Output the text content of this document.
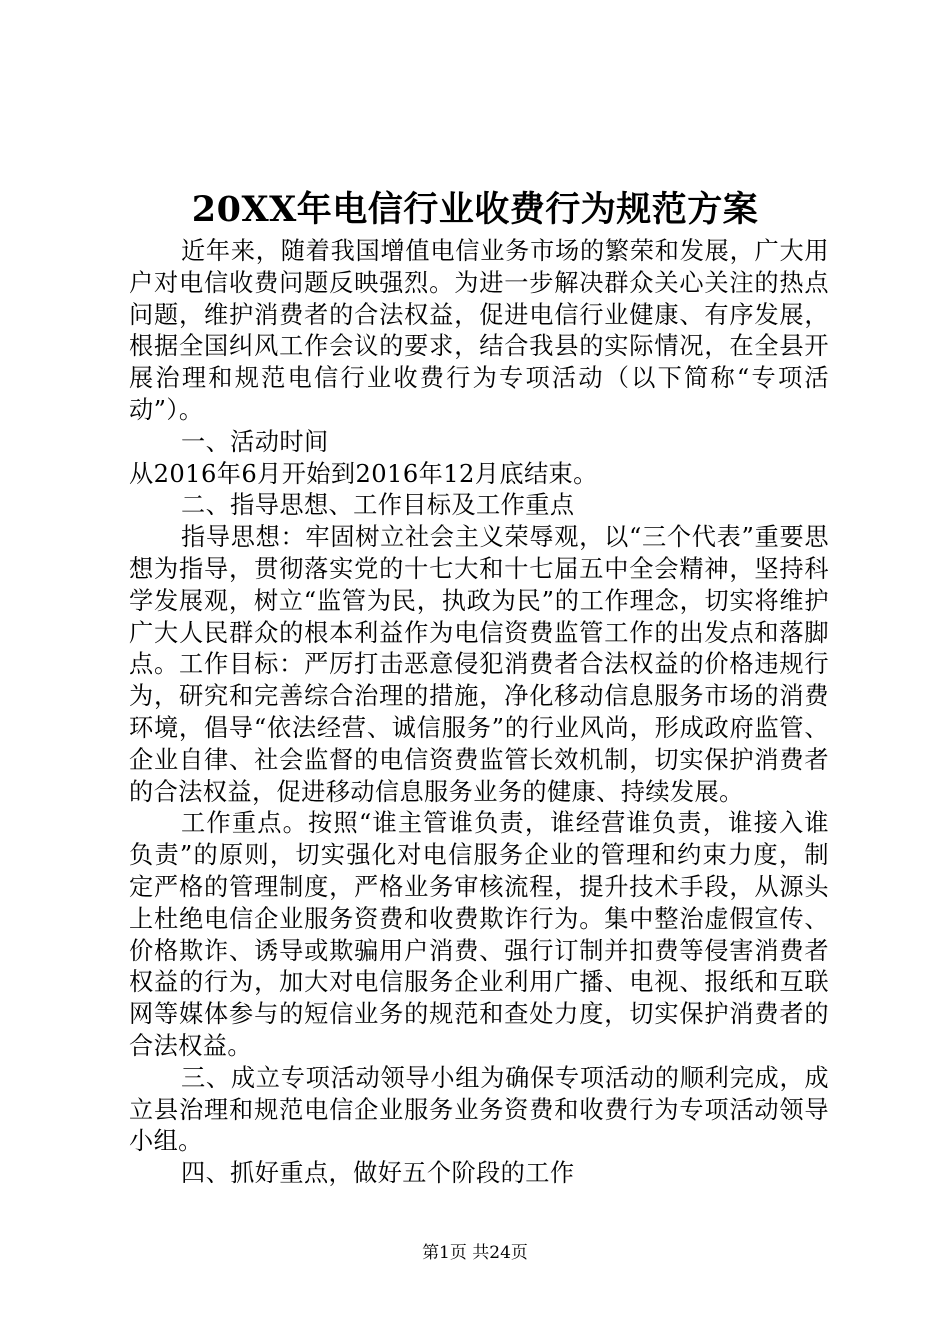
20XX年电信行业收费行为规范方案

近年来，随着我国增值电信业务市场的繁荣和发展，广大用户对电信收费问题反映强烈。为进一步解决群众关心关注的热点问题，维护消费者的合法权益，促进电信行业健康、有序发展，根据全国纠风工作会议的要求，结合我县的实际情况，在全县开展治理和规范电信行业收费行为专项活动（以下简称“专项活动”）。

一、活动时间

从2016年6月开始到2016年12月底结束。

二、指导思想、工作目标及工作重点

指导思想：牢固树立社会主义荣辱观，以“三个代表”重要思想为指导，贯彻落实党的十七大和十七届五中全会精神，坚持科学发展观，树立“监管为民，执政为民”的工作理念，切实将维护广大人民群众的根本利益作为电信资费监管工作的出发点和落脚点。工作目标：严厉打击恶意侵犯消费者合法权益的价格违规行为，研究和完善综合治理的措施，净化移动信息服务市场的消费环境，倡导“依法经营、诚信服务”的行业风尚，形成政府监管、企业自律、社会监督的电信资费监管长效机制，切实保护消费者的合法权益，促进移动信息服务业务的健康、持续发展。

工作重点。按照“谁主管谁负责，谁经营谁负责，谁接入谁负责”的原则，切实强化对电信服务企业的管理和约束力度，制定严格的管理制度，严格业务审核流程，提升技术手段，从源头上杜绝电信企业服务资费和收费欺诈行为。集中整治虚假宣传、价格欺诈、诱导或欺骗用户消费、强行订制并扣费等侵害消费者权益的行为，加大对电信服务企业利用广播、电视、报纸和互联网等媒体参与的短信业务的规范和查处力度，切实保护消费者的合法权益。

三、成立专项活动领导小组为确保专项活动的顺利完成，成立县治理和规范电信企业服务业务资费和收费行为专项活动领导小组。

四、抓好重点，做好五个阶段的工作

第1页 共24页
